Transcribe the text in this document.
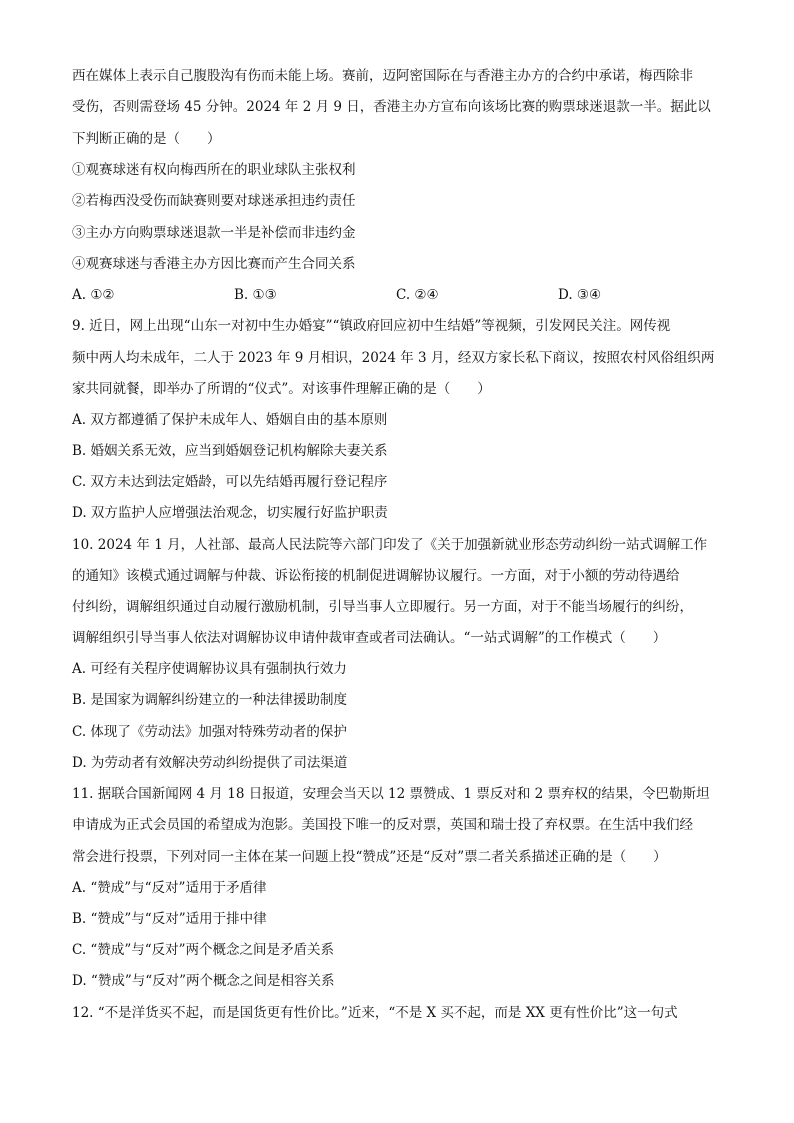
西在媒体上表示自己腹股沟有伤而未能上场。赛前，迈阿密国际在与香港主办方的合约中承诺，梅西除非
受伤，否则需登场 45 分钟。2024 年 2 月 9 日，香港主办方宣布向该场比赛的购票球迷退款一半。据此以
下判断正确的是（　　）
①观赛球迷有权向梅西所在的职业球队主张权利
②若梅西没受伤而缺赛则要对球迷承担违约责任
③主办方向购票球迷退款一半是补偿而非违约金
④观赛球迷与香港主办方因比赛而产生合同关系
A. ①②	B. ①③	C. ②④	D. ③④
9. 近日，网上出现“山东一对初中生办婚宴”“镇政府回应初中生结婚”等视频，引发网民关注。网传视
频中两人均未成年，二人于 2023 年 9 月相识，2024 年 3 月，经双方家长私下商议，按照农村风俗组织两
家共同就餐，即举办了所谓的“仪式”。对该事件理解正确的是（　　）
A. 双方都遵循了保护未成年人、婚姻自由的基本原则
B. 婚姻关系无效，应当到婚姻登记机构解除夫妻关系
C. 双方未达到法定婚龄，可以先结婚再履行登记程序
D. 双方监护人应增强法治观念，切实履行好监护职责
10. 2024 年 1 月，人社部、最高人民法院等六部门印发了《关于加强新就业形态劳动纠纷一站式调解工作
的通知》该模式通过调解与仲裁、诉讼衔接的机制促进调解协议履行。一方面，对于小额的劳动待遇给
付纠纷，调解组织通过自动履行激励机制，引导当事人立即履行。另一方面，对于不能当场履行的纠纷，
调解组织引导当事人依法对调解协议申请仲裁审查或者司法确认。“一站式调解”的工作模式（　　）
A. 可经有关程序使调解协议具有强制执行效力
B. 是国家为调解纠纷建立的一种法律援助制度
C. 体现了《劳动法》加强对特殊劳动者的保护
D. 为劳动者有效解决劳动纠纷提供了司法渠道
11. 据联合国新闻网 4 月 18 日报道，安理会当天以 12 票赞成、1 票反对和 2 票弃权的结果，令巴勒斯坦
申请成为正式会员国的希望成为泡影。美国投下唯一的反对票，英国和瑞士投了弃权票。在生活中我们经
常会进行投票，下列对同一主体在某一问题上投“赞成”还是“反对”票二者关系描述正确的是（　　）
A. “赞成”与“反对”适用于矛盾律
B. “赞成”与“反对”适用于排中律
C. “赞成”与“反对”两个概念之间是矛盾关系
D. “赞成”与“反对”两个概念之间是相容关系
12. “不是洋货买不起，而是国货更有性价比。”近来，“不是 X 买不起，而是 XX 更有性价比”这一句式
